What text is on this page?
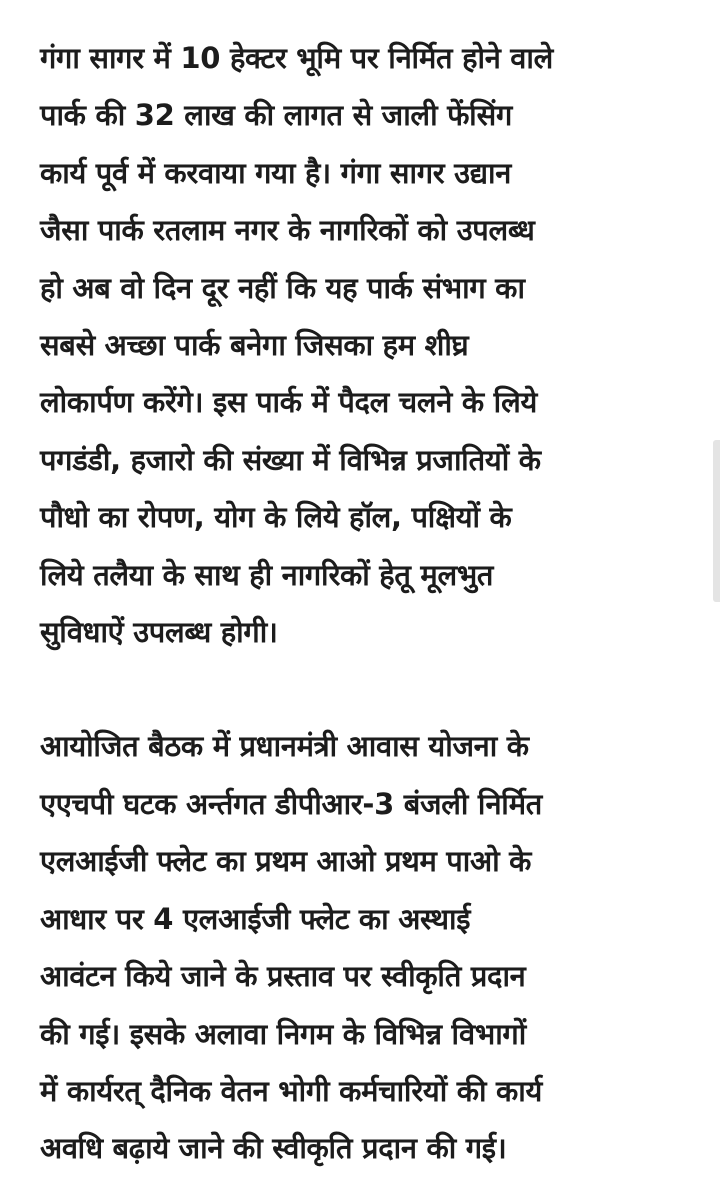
गंगा सागर में 10 हेक्टर भूमि पर निर्मित होने वाले
पार्क की 32 लाख की लागत से जाली फेंसिंग
कार्य पूर्व में करवाया गया है। गंगा सागर उद्यान
जैसा पार्क रतलाम नगर के नागरिकों को उपलब्ध
हो अब वो दिन दूर नहीं कि यह पार्क संभाग का
सबसे अच्छा पार्क बनेगा जिसका हम शीघ्र
लोकार्पण करेंगे। इस पार्क में पैदल चलने के लिये
पगडंडी, हजारो की संख्या में विभिन्न प्रजातियों के
पौधो का रोपण, योग के लिये हॉल, पक्षियों के
लिये तलैया के साथ ही नागरिकों हेतू मूलभुत
सुविधाऐं उपलब्ध होगी।

आयोजित बैठक में प्रधानमंत्री आवास योजना के
एएचपी घटक अर्न्तगत डीपीआर-3 बंजली निर्मित
एलआईजी फ्लेट का प्रथम आओ प्रथम पाओ के
आधार पर 4 एलआईजी फ्लेट का अस्थाई
आवंटन किये जाने के प्रस्ताव पर स्वीकृति प्रदान
की गई। इसके अलावा निगम के विभिन्न विभागों
में कार्यरत् दैनिक वेतन भोगी कर्मचारियों की कार्य
अवधि बढ़ाये जाने की स्वीकृति प्रदान की गई।
